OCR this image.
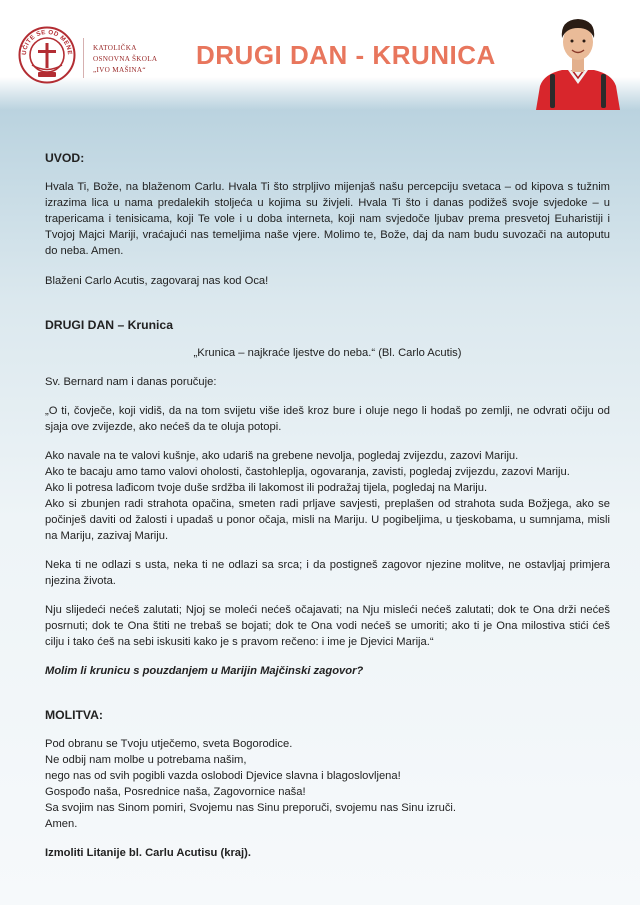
UČITE SE OD MENE
KATOLIČKA
OSNOVNA ŠKOLA
„IVO MAŠINA“	DRUGI DAN - KRUNICA

UVOD:

Hvala Ti, Bože, na blaženom Carlu. Hvala Ti što strpljivo mijenjaš našu percepciju svetaca – od kipova s tužnim izrazima lica u nama predalekih stoljeća u kojima su živjeli. Hvala Ti što i danas podižeš svoje svjedoke – u trapericama i tenisicama, koji Te vole i u doba interneta, koji nam svjedoče ljubav prema presvetoj Euharistiji i Tvojoj Majci Mariji, vraćajući nas temeljima naše vjere. Molimo te, Bože, daj da nam budu suvozači na autoputu do neba. Amen.

Blaženi Carlo Acutis, zagovaraj nas kod Oca!

DRUGI DAN – Krunica

„Krunica – najkraće ljestve do neba.“ (Bl. Carlo Acutis)

Sv. Bernard nam i danas poručuje:

„O ti, čovječe, koji vidiš, da na tom svijetu više ideš kroz bure i oluje nego li hodaš po zemlji, ne odvrati očiju od sjaja ove zvijezde, ako nećeš da te oluja potopi.

Ako navale na te valovi kušnje, ako udariš na grebene nevolja, pogledaj zvijezdu, zazovi Mariju.
Ako te bacaju amo tamo valovi oholosti, častohleplja, ogovaranja, zavisti, pogledaj zvijezdu, zazovi Mariju.
Ako li potresa lađicom tvoje duše srdžba ili lakomost ili podražaj tijela, pogledaj na Mariju.
Ako si zbunjen radi strahota opačina, smeten radi prljave savjesti, preplašen od strahota suda Božjega, ako se počinješ daviti od žalosti i upadaš u ponor očaja, misli na Mariju. U pogibeljima, u tjeskobama, u sumnjama, misli na Mariju, zazivaj Mariju.

Neka ti ne odlazi s usta, neka ti ne odlazi sa srca; i da postigneš zagovor njezine molitve, ne ostavljaj primjera njezina života.

Nju slijedeći nećeš zalutati; Njoj se moleći nećeš očajavati; na Nju misleći nećeš zalutati; dok te Ona drži nećeš posrnuti; dok te Ona štiti ne trebaš se bojati; dok te Ona vodi nećeš se umoriti; ako ti je Ona milostiva stići ćeš cilju i tako ćeš na sebi iskusiti kako je s pravom rečeno: i ime je Djevici Marija.“

Molim li krunicu s pouzdanjem u Marijin Majčinski zagovor?

MOLITVA:

Pod obranu se Tvoju utječemo, sveta Bogorodice.
Ne odbij nam molbe u potrebama našim,
nego nas od svih pogibli vazda oslobodi Djevice slavna i blagoslovljena!
Gospođo naša, Posrednice naša, Zagovornice naša!
Sa svojim nas Sinom pomiri, Svojemu nas Sinu preporuči, svojemu nas Sinu izruči.
Amen.

Izmoliti Litanije bl. Carlu Acutisu (kraj).
